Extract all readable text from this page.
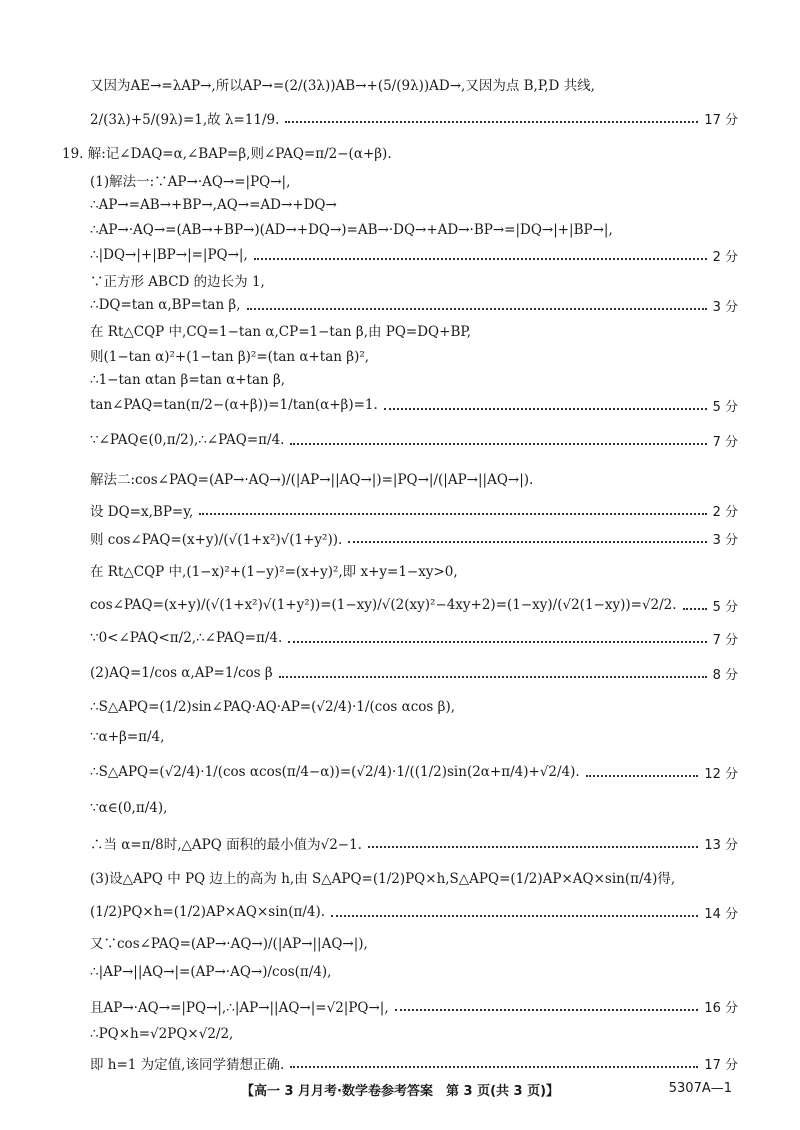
又因为AE→=λAP→,所以AP→=(2/(3λ))AB→+(5/(9λ))AD→,又因为点 B,P,D 共线,
2/(3λ)+5/(9λ)=1,故 λ=11/9.	17 分
19. 解:记∠DAQ=α,∠BAP=β,则∠PAQ=π/2−(α+β).
(1)解法一:∵AP→·AQ→=|PQ→|,
∴AP→=AB→+BP→,AQ→=AD→+DQ→
∴AP→·AQ→=(AB→+BP→)(AD→+DQ→)=AB→·DQ→+AD→·BP→=|DQ→|+|BP→|,
∴|DQ→|+|BP→|=|PQ→|,	2 分
∵正方形 ABCD 的边长为 1,
∴DQ=tan α,BP=tan β,	3 分
在 Rt△CQP 中,CQ=1−tan α,CP=1−tan β,由 PQ=DQ+BP,
则(1−tan α)²+(1−tan β)²=(tan α+tan β)²,
∴1−tan αtan β=tan α+tan β,
tan∠PAQ=tan(π/2−(α+β))=1/tan(α+β)=1.	5 分
∵∠PAQ∈(0,π/2),∴∠PAQ=π/4.	7 分
解法二:cos∠PAQ=(AP→·AQ→)/(|AP→||AQ→|)=|PQ→|/(|AP→||AQ→|).
设 DQ=x,BP=y,	2 分
则 cos∠PAQ=(x+y)/(√(1+x²)√(1+y²)).	3 分
在 Rt△CQP 中,(1−x)²+(1−y)²=(x+y)²,即 x+y=1−xy>0,
cos∠PAQ=(x+y)/(√(1+x²)√(1+y²))=(1−xy)/√(2(xy)²−4xy+2)=(1−xy)/(√2(1−xy))=√2/2.	5 分
∵0<∠PAQ<π/2,∴∠PAQ=π/4.	7 分
(2)AQ=1/cos α,AP=1/cos β	8 分
∴S△APQ=(1/2)sin∠PAQ·AQ·AP=(√2/4)·1/(cos αcos β),
∵α+β=π/4,
∴S△APQ=(√2/4)·1/(cos αcos(π/4−α))=(√2/4)·1/((1/2)sin(2α+π/4)+√2/4).	12 分
∵α∈(0,π/4),
∴当 α=π/8时,△APQ 面积的最小值为√2−1.	13 分
(3)设△APQ 中 PQ 边上的高为 h,由 S△APQ=(1/2)PQ×h,S△APQ=(1/2)AP×AQ×sin(π/4)得,
(1/2)PQ×h=(1/2)AP×AQ×sin(π/4).	14 分
又∵cos∠PAQ=(AP→·AQ→)/(|AP→||AQ→|),
∴|AP→||AQ→|=(AP→·AQ→)/cos(π/4),
且AP→·AQ→=|PQ→|,∴|AP→||AQ→|=√2|PQ→|,	16 分
∴PQ×h=√2PQ×√2/2,
即 h=1 为定值,该同学猜想正确.	17 分
【高一 3 月月考·数学卷参考答案　第 3 页(共 3 页)】	5307A—1
